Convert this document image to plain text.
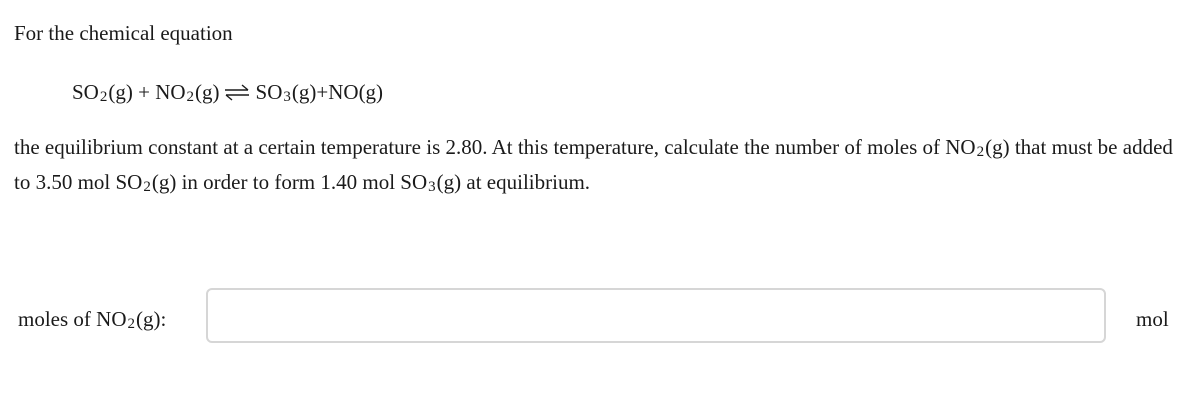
For the chemical equation
$SO_2(g) + NO_2(g)$ ⇌ $SO_3(g)+NO(g)$
the equilibrium constant at a certain temperature is 2.80. At this temperature, calculate the number of moles of $NO_2(g)$ that must be added to 3.50 mol $SO_2(g)$ in order to form 1.40 mol $SO_3(g)$ at equilibrium.
moles of $NO_2(g)$:	mol
